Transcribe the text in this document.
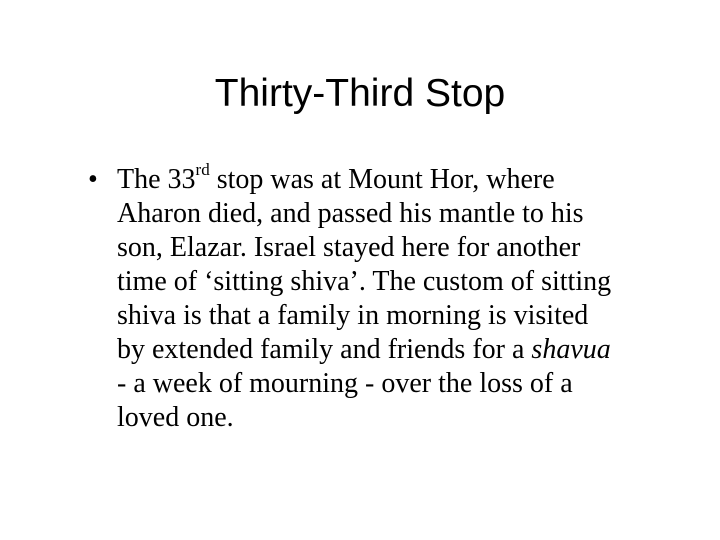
Thirty-Third Stop
• The 33rd stop was at Mount Hor, where
Aharon died, and passed his mantle to his
son, Elazar. Israel stayed here for another
time of ‘sitting shiva’. The custom of sitting
shiva is that a family in morning is visited
by extended family and friends for a shavua
- a week of mourning - over the loss of a
loved one.
